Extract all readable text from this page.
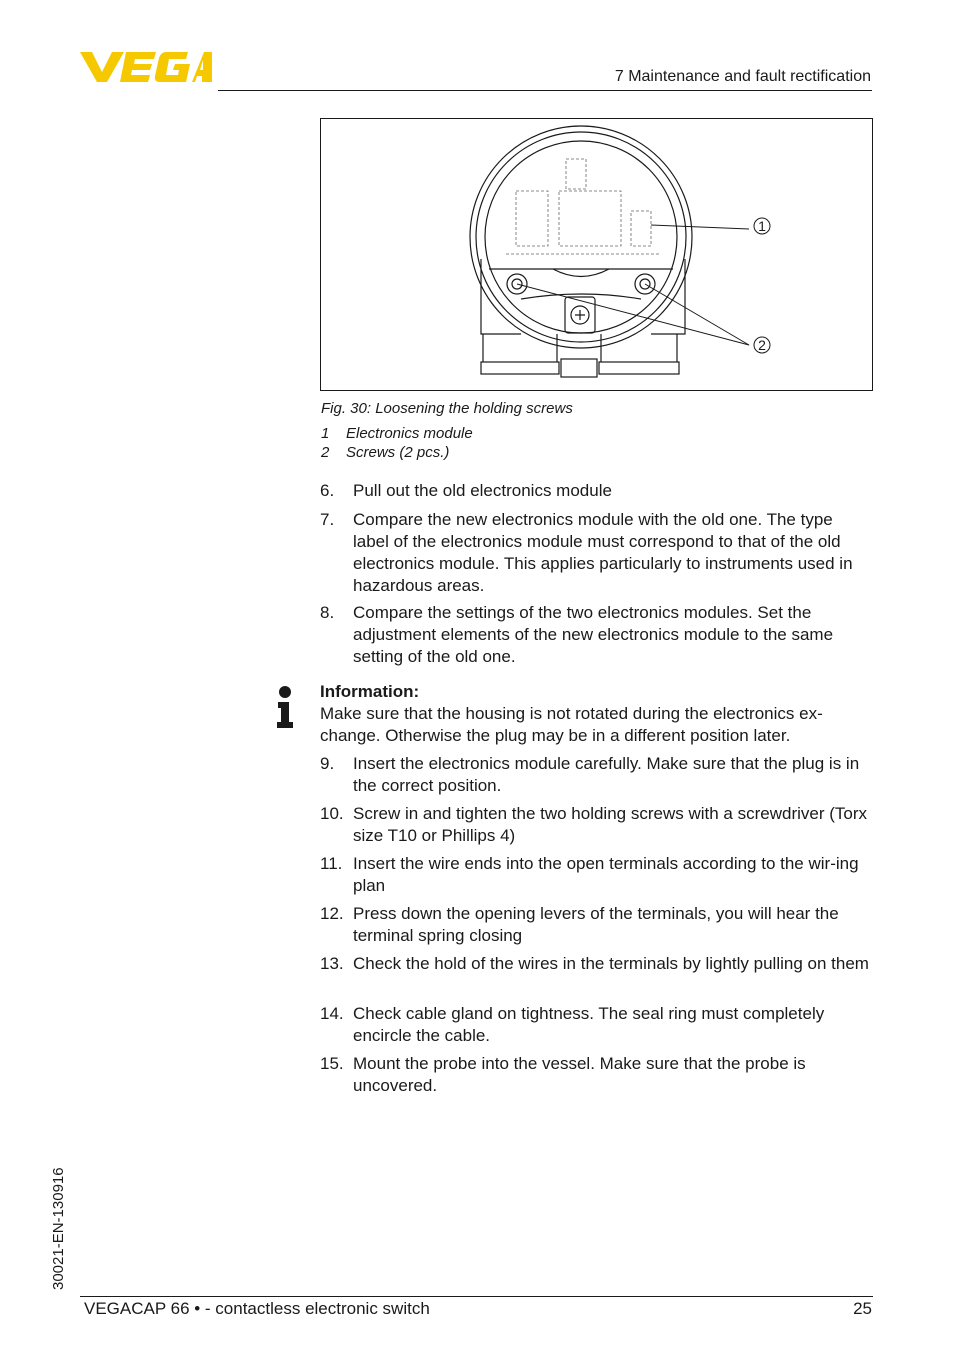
7 Maintenance and fault rectification
1
2
Fig. 30: Loosening the holding screws
1	Electronics module
2	Screws (2 pcs.)
6.	Pull out the old electronics module
7.	Compare the new electronics module with the old one. The type label of the electronics module must correspond to that of the old electronics module. This applies particularly to instruments used in hazardous areas.
8.	Compare the settings of the two electronics modules. Set the adjustment elements of the new electronics module to the same setting of the old one.
Information:
Make sure that the housing is not rotated during the electronics ex-change. Otherwise the plug may be in a different position later.
9.	Insert the electronics module carefully. Make sure that the plug is in the correct position.
10. Screw in and tighten the two holding screws with a screwdriver (Torx size T10 or Phillips 4)
11. Insert the wire ends into the open terminals according to the wir-ing plan
12. Press down the opening levers of the terminals, you will hear the terminal spring closing
13. Check the hold of the wires in the terminals by lightly pulling on them
14. Check cable gland on tightness. The seal ring must completely encircle the cable.
15. Mount the probe into the vessel. Make sure that the probe is uncovered.
30021-EN-130916
VEGACAP 66 • - contactless electronic switch	25
